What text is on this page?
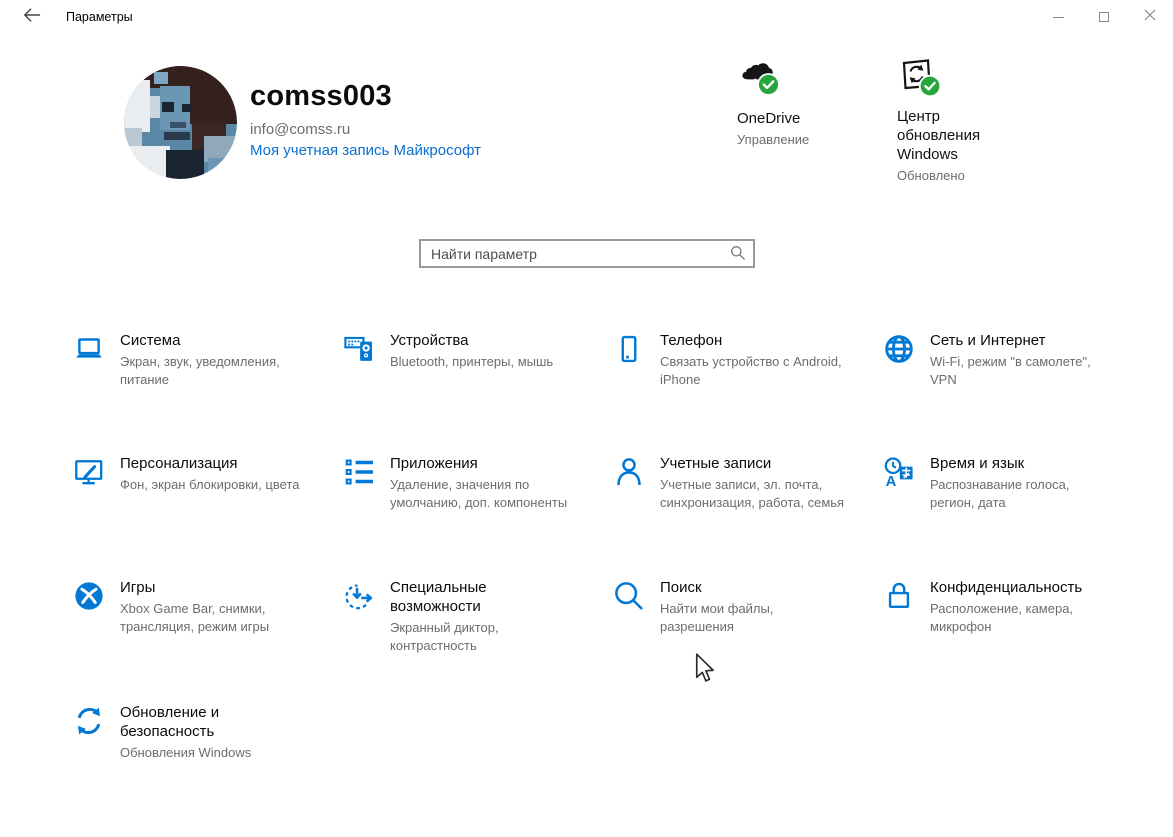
Параметры
comss003
info@comss.ru
Моя учетная запись Майкрософт
OneDrive
Управление
Центр обновления Windows
Обновлено
Найти параметр
Система
Экран, звук, уведомления, питание
Устройства
Bluetooth, принтеры, мышь
Телефон
Связать устройство с Android, iPhone
Сеть и Интернет
Wi-Fi, режим "в самолете", VPN
Персонализация
Фон, экран блокировки, цвета
Приложения
Удаление, значения по умолчанию, доп. компоненты
Учетные записи
Учетные записи, эл. почта, синхронизация, работа, семья
A
Время и язык
Распознавание голоса, регион, дата
Игры
Xbox Game Bar, снимки, трансляция, режим игры
Специальные возможности
Экранный диктор, контрастность
Поиск
Найти мои файлы, разрешения
Конфиденциальность
Расположение, камера, микрофон
Обновление и безопасность
Обновления Windows
